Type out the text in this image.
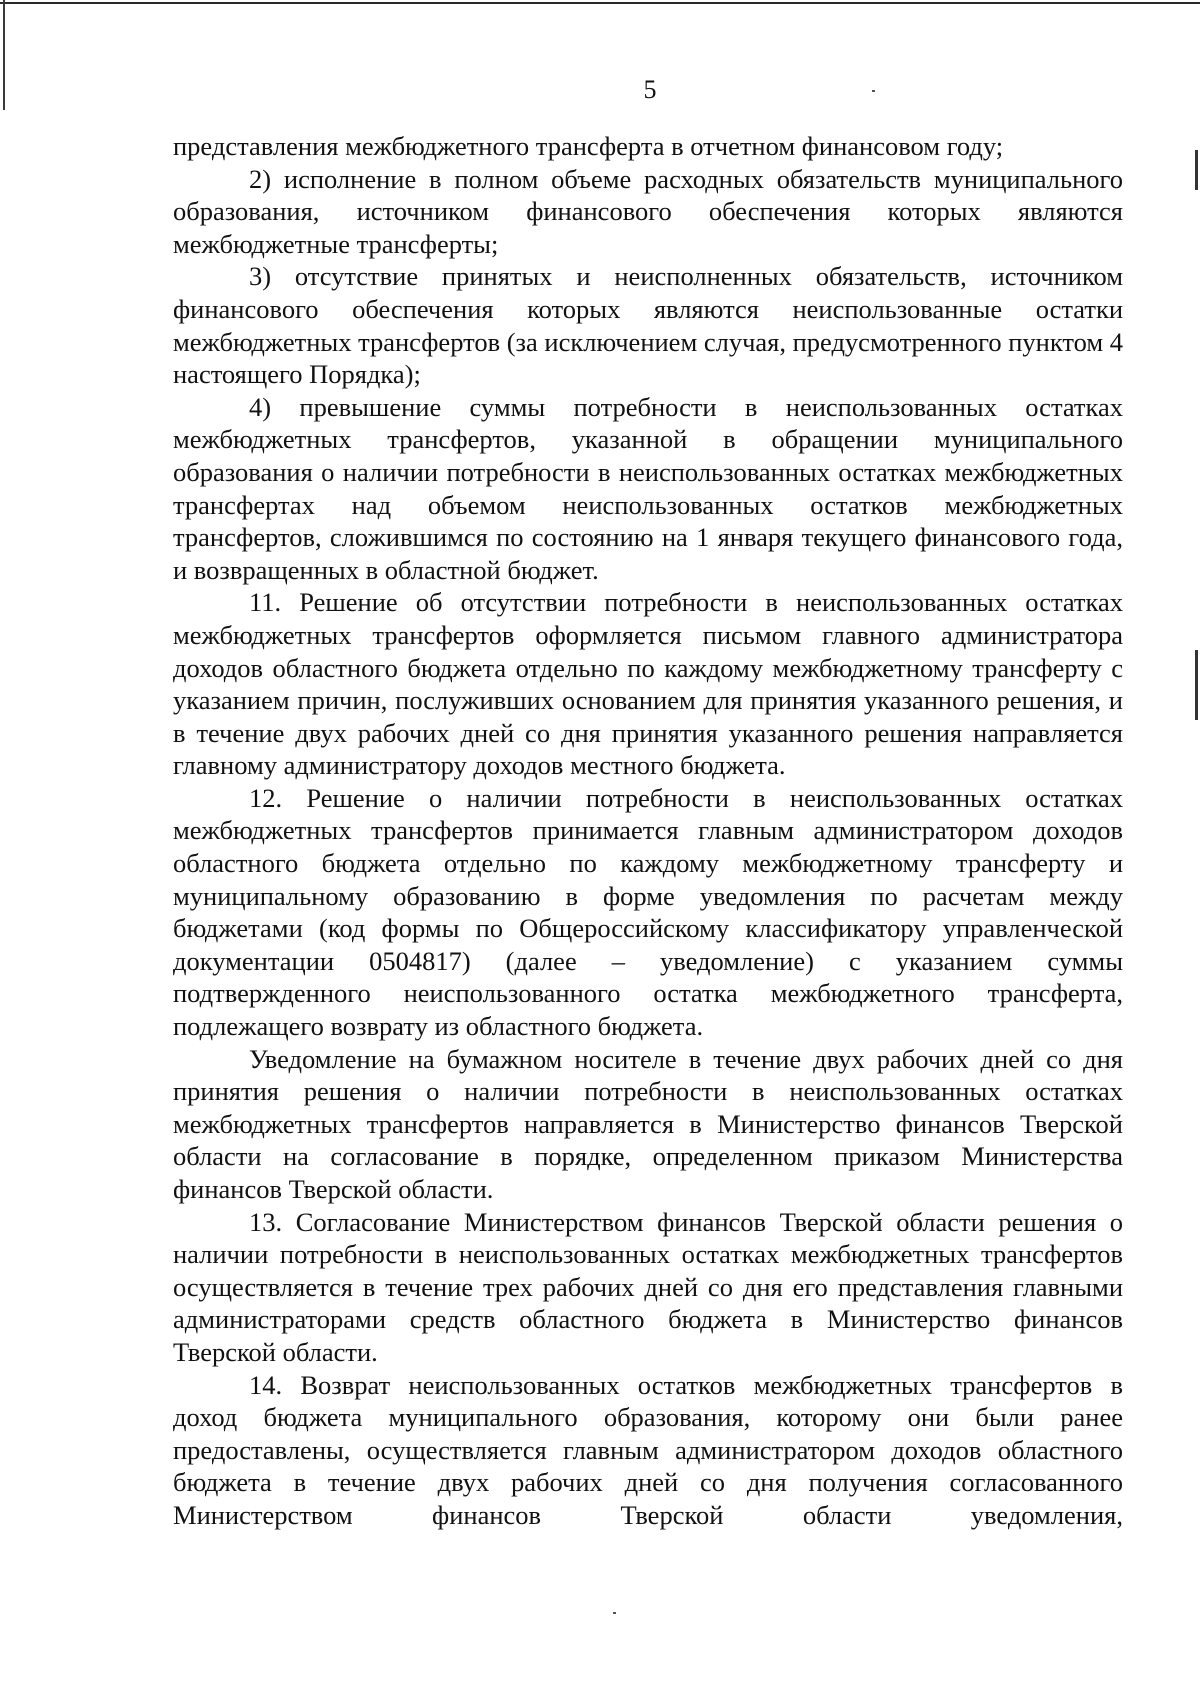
5

представления межбюджетного трансферта в отчетном финансовом году;

2) исполнение в полном объеме расходных обязательств муниципального образования, источником финансового обеспечения которых являются межбюджетные трансферты;

3) отсутствие принятых и неисполненных обязательств, источником финансового обеспечения которых являются неиспользованные остатки межбюджетных трансфертов (за исключением случая, предусмотренного пунктом 4 настоящего Порядка);

4) превышение суммы потребности в неиспользованных остатках межбюджетных трансфертов, указанной в обращении муниципального образования о наличии потребности в неиспользованных остатках межбюджетных трансфертах над объемом неиспользованных остатков межбюджетных трансфертов, сложившимся по состоянию на 1 января текущего финансового года, и возвращенных в областной бюджет.

11. Решение об отсутствии потребности в неиспользованных остатках межбюджетных трансфертов оформляется письмом главного администратора доходов областного бюджета отдельно по каждому межбюджетному трансферту с указанием причин, послуживших основанием для принятия указанного решения, и в течение двух рабочих дней со дня принятия указанного решения направляется главному администратору доходов местного бюджета.

12. Решение о наличии потребности в неиспользованных остатках межбюджетных трансфертов принимается главным администратором доходов областного бюджета отдельно по каждому межбюджетному трансферту и муниципальному образованию в форме уведомления по расчетам между бюджетами (код формы по Общероссийскому классификатору управленческой документации 0504817) (далее – уведомление) с указанием суммы подтвержденного неиспользованного остатка межбюджетного трансферта, подлежащего возврату из областного бюджета.

Уведомление на бумажном носителе в течение двух рабочих дней со дня принятия решения о наличии потребности в неиспользованных остатках межбюджетных трансфертов направляется в Министерство финансов Тверской области на согласование в порядке, определенном приказом Министерства финансов Тверской области.

13. Согласование Министерством финансов Тверской области решения о наличии потребности в неиспользованных остатках межбюджетных трансфертов осуществляется в течение трех рабочих дней со дня его представления главными администраторами средств областного бюджета в Министерство финансов Тверской области.

14. Возврат неиспользованных остатков межбюджетных трансфертов в доход бюджета муниципального образования, которому они были ранее предоставлены, осуществляется главным администратором доходов областного бюджета в течение двух рабочих дней со дня получения согласованного Министерством финансов Тверской области уведомления,
